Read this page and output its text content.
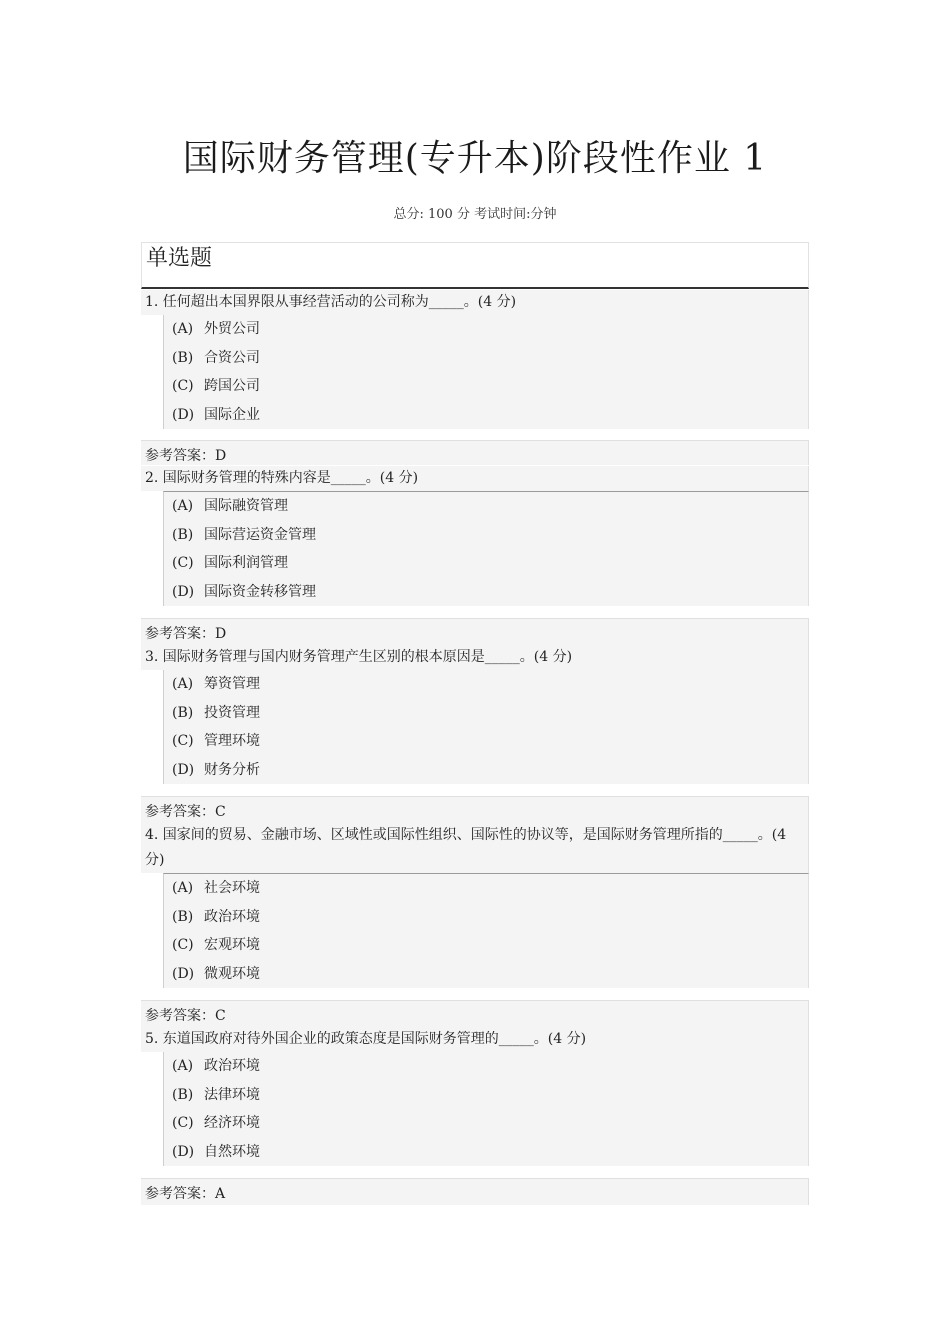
国际财务管理(专升本)阶段性作业 1
总分: 100 分 考试时间:分钟
单选题
1. 任何超出本国界限从事经营活动的公司称为_____。(4 分)
(A) 外贸公司
(B) 合资公司
(C) 跨国公司
(D) 国际企业
参考答案：D
2. 国际财务管理的特殊内容是_____。(4 分)
(A) 国际融资管理
(B) 国际营运资金管理
(C) 国际利润管理
(D) 国际资金转移管理
参考答案：D
3. 国际财务管理与国内财务管理产生区别的根本原因是_____。(4 分)
(A) 筹资管理
(B) 投资管理
(C) 管理环境
(D) 财务分析
参考答案：C
4. 国家间的贸易、金融市场、区域性或国际性组织、国际性的协议等，是国际财务管理所指的_____。(4 分)
(A) 社会环境
(B) 政治环境
(C) 宏观环境
(D) 微观环境
参考答案：C
5. 东道国政府对待外国企业的政策态度是国际财务管理的_____。(4 分)
(A) 政治环境
(B) 法律环境
(C) 经济环境
(D) 自然环境
参考答案：A
